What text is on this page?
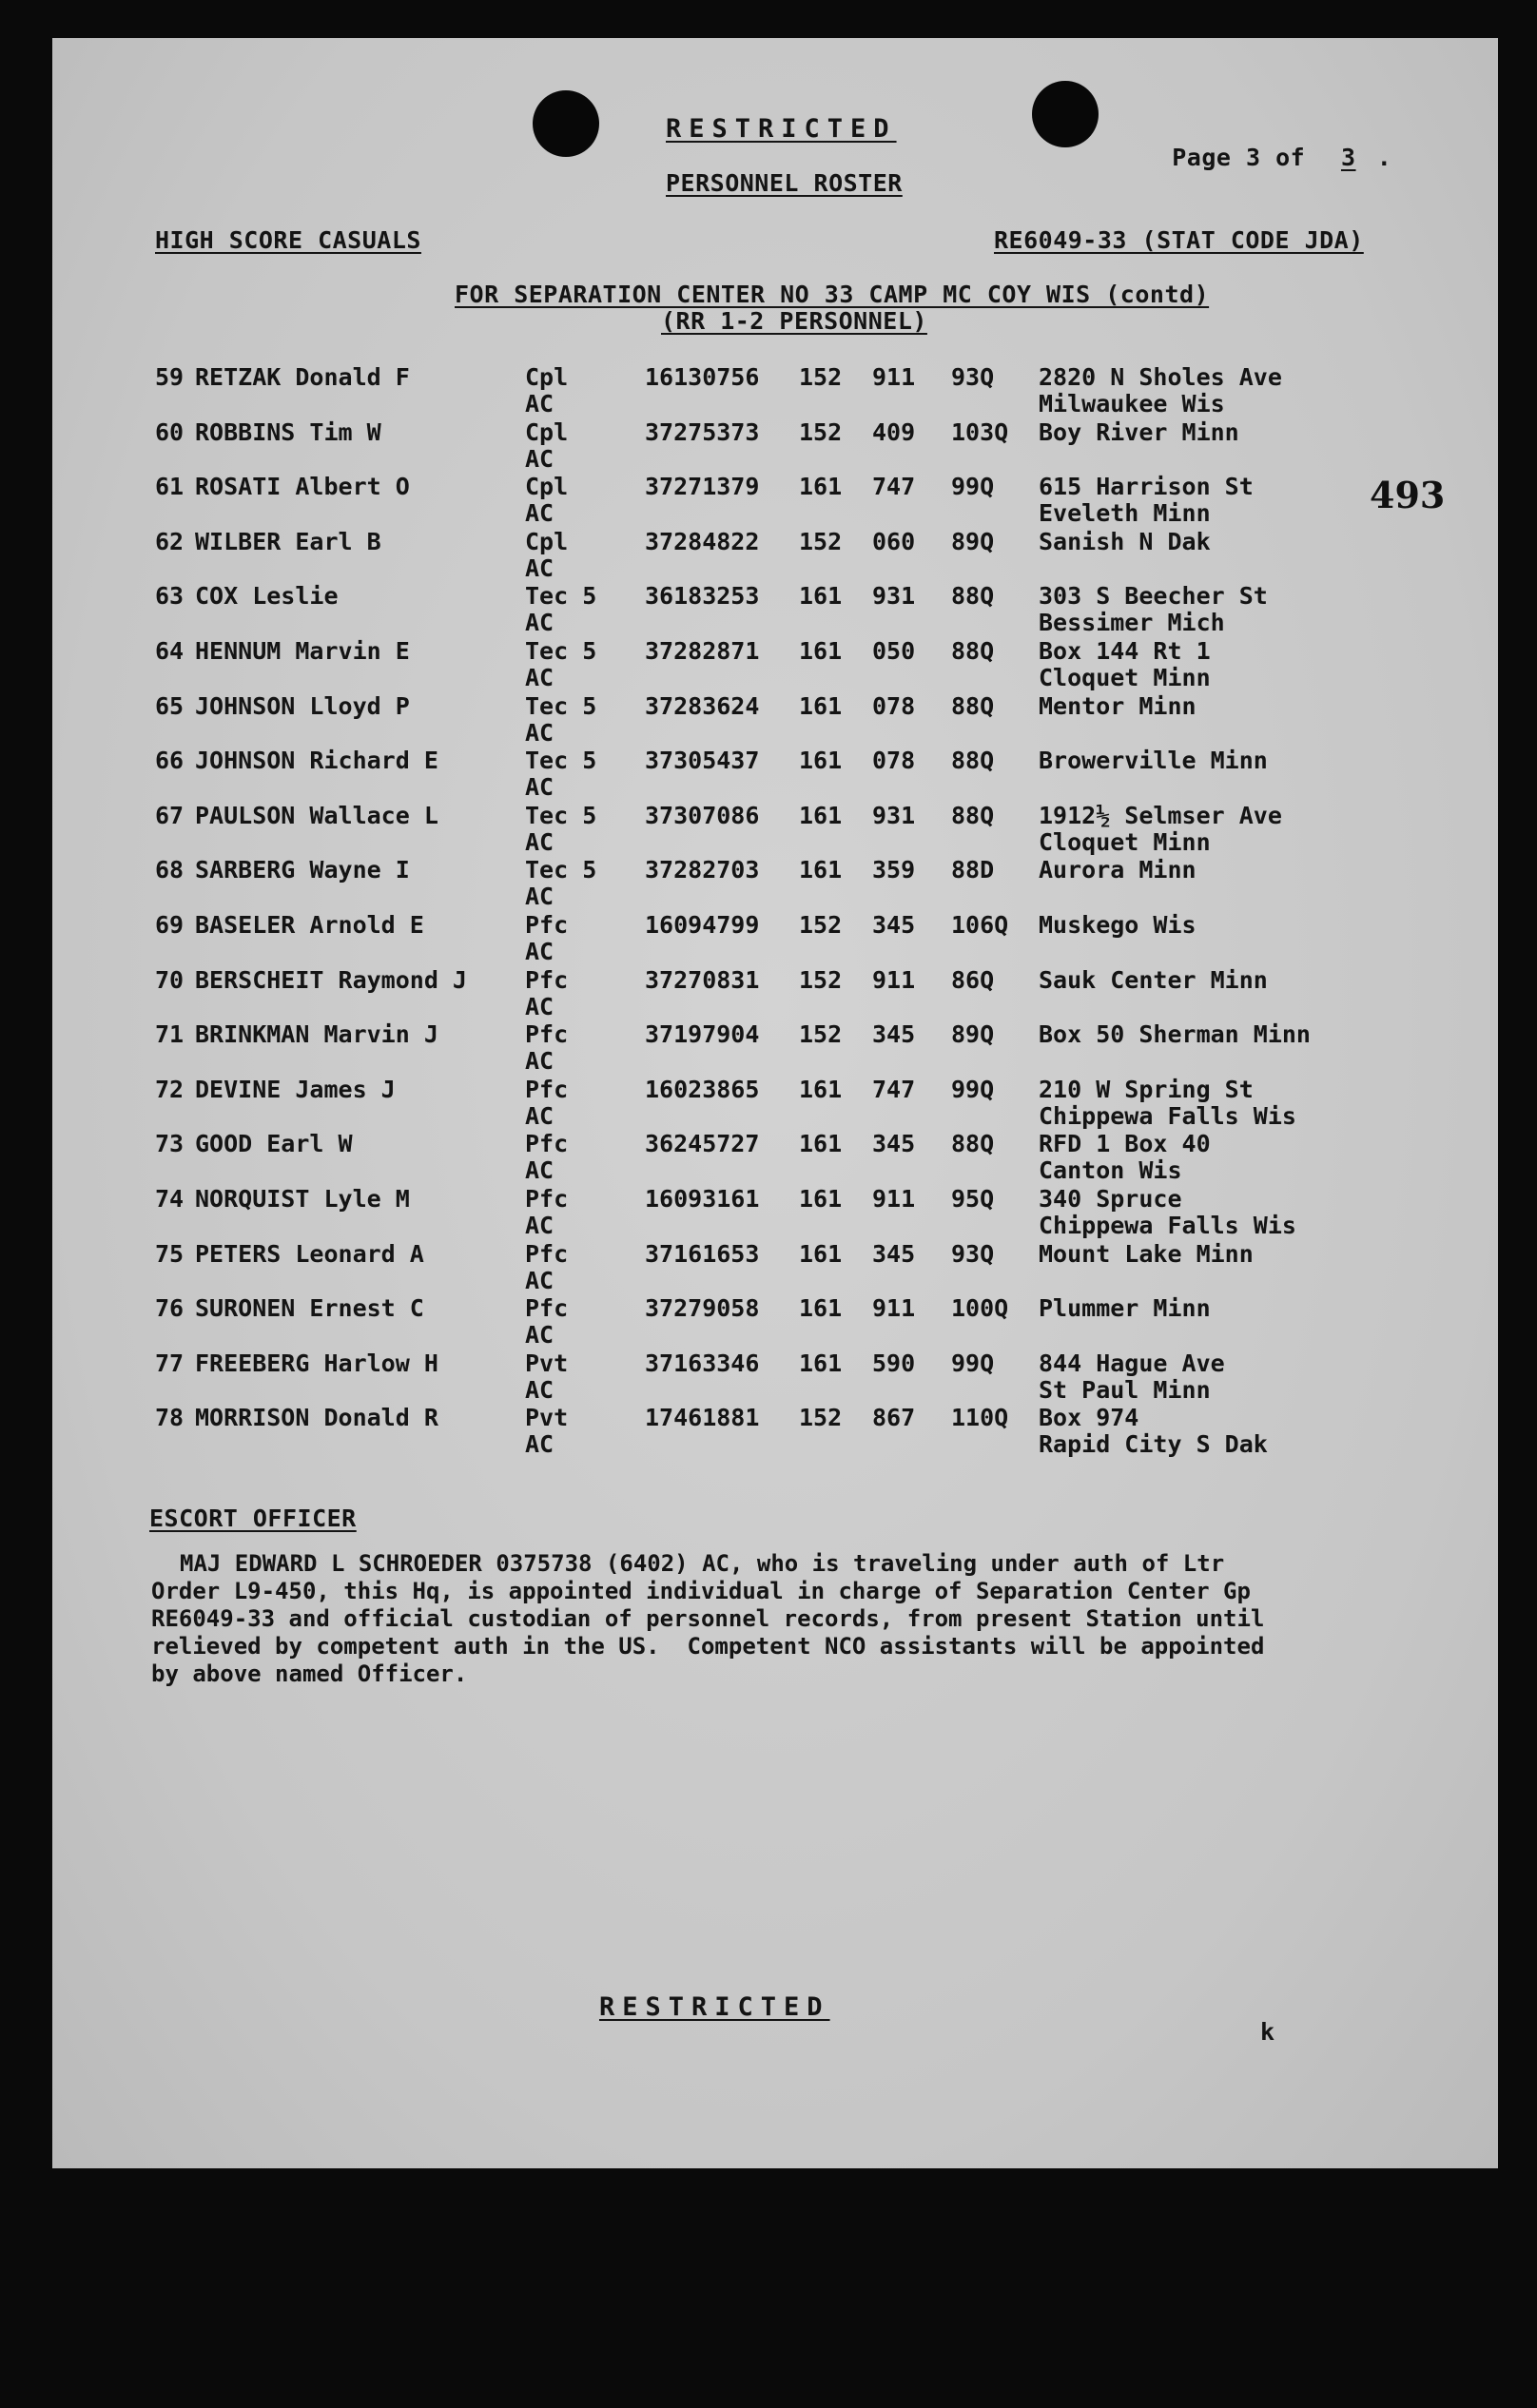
RESTRICTED

Page 3 of 3 .

PERSONNEL ROSTER
HIGH SCORE CASUALS	RE6049-33 (STAT CODE JDA)
FOR SEPARATION CENTER NO 33 CAMP MC COY WIS (contd)
(RR 1-2 PERSONNEL)
493
59 RETZAK Donald F	Cpl	16130756 152 911 93Q 2820 N Sholes Ave
AC	Milwaukee Wis
60 ROBBINS Tim W	Cpl	37275373 152 409 103Q Boy River Minn
AC
61 ROSATI Albert O	Cpl	37271379 161 747 99Q 615 Harrison St
AC	Eveleth Minn
62 WILBER Earl B	Cpl	37284822 152 060 89Q Sanish N Dak
AC
63 COX Leslie	Tec 5 36183253 161 931 88Q 303 S Beecher St
AC	Bessimer Mich
64 HENNUM Marvin E	Tec 5 37282871 161 050 88Q Box 144 Rt 1
AC	Cloquet Minn
65 JOHNSON Lloyd P	Tec 5 37283624 161 078 88Q Mentor Minn
AC
66 JOHNSON Richard E	Tec 5 37305437 161 078 88Q Browerville Minn
AC
67 PAULSON Wallace L	Tec 5 37307086 161 931 88Q 1912½ Selmser Ave
AC	Cloquet Minn
68 SARBERG Wayne I	Tec 5 37282703 161 359 88D Aurora Minn
AC
69 BASELER Arnold E	Pfc	16094799 152 345 106Q Muskego Wis
AC
70 BERSCHEIT Raymond J Pfc	37270831 152 911 86Q Sauk Center Minn
AC
71 BRINKMAN Marvin J	Pfc	37197904 152 345 89Q Box 50 Sherman Minn
AC
72 DEVINE James J	Pfc	16023865 161 747 99Q 210 W Spring St
AC	Chippewa Falls Wis
73 GOOD Earl W	Pfc	36245727 161 345 88Q RFD 1 Box 40
AC	Canton Wis
74 NORQUIST Lyle M	Pfc	16093161 161 911 95Q 340 Spruce
AC	Chippewa Falls Wis
75 PETERS Leonard A	Pfc	37161653 161 345 93Q Mount Lake Minn
AC
76 SURONEN Ernest C	Pfc	37279058 161 911 100Q Plummer Minn
AC
77 FREEBERG Harlow H	Pvt	37163346 161 590 99Q 844 Hague Ave
AC	St Paul Minn
78 MORRISON Donald R	Pvt	17461881 152 867 110Q Box 974
AC	Rapid City S Dak
ESCORT OFFICER
MAJ EDWARD L SCHROEDER 0375738 (6402) AC, who is traveling under auth of Ltr
Order L9-450, this Hq, is appointed individual in charge of Separation Center Gp
RE6049-33 and official custodian of personnel records, from present Station until
relieved by competent auth in the US.  Competent NCO assistants will be appointed
by above named Officer.
RESTRICTED
k
